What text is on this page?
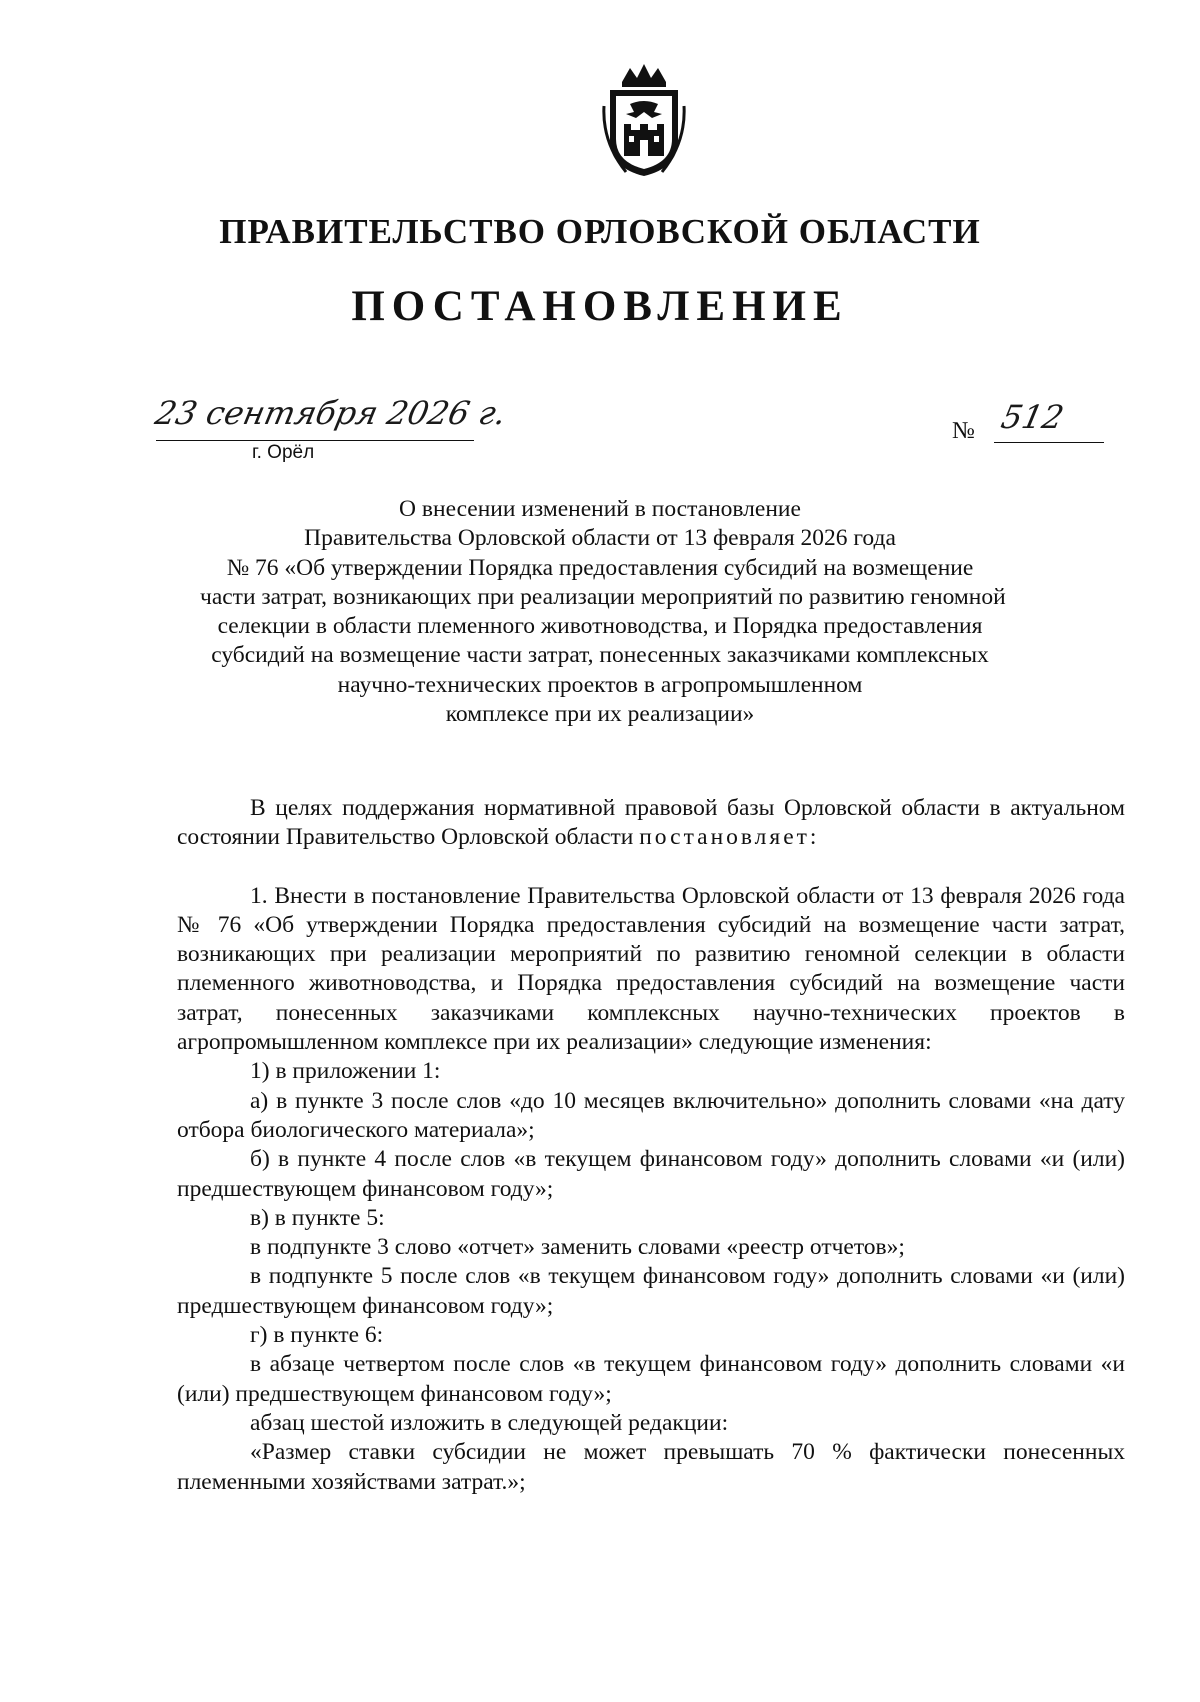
ПРАВИТЕЛЬСТВО ОРЛОВСКОЙ ОБЛАСТИ
ПОСТАНОВЛЕНИЕ
23 сентября 2026 г.
г. Орёл
№ 512
О внесении изменений в постановление
Правительства Орловской области от 13 февраля 2026 года
№ 76 «Об утверждении Порядка предоставления субсидий на возмещение
части затрат, возникающих при реализации мероприятий по развитию геномной
селекции в области племенного животноводства, и Порядка предоставления
субсидий на возмещение части затрат, понесенных заказчиками комплексных
научно-технических проектов в агропромышленном
комплексе при их реализации»

В целях поддержания нормативной правовой базы Орловской области в актуальном состоянии Правительство Орловской области постановляет:

1. Внести в постановление Правительства Орловской области от 13 февраля 2026 года № 76 «Об утверждении Порядка предоставления субсидий на возмещение части затрат, возникающих при реализации мероприятий по развитию геномной селекции в области племенного животноводства, и Порядка предоставления субсидий на возмещение части затрат, понесенных заказчиками комплексных научно-технических проектов в агропромышленном комплексе при их реализации» следующие изменения:

1) в приложении 1:

а) в пункте 3 после слов «до 10 месяцев включительно» дополнить словами «на дату отбора биологического материала»;

б) в пункте 4 после слов «в текущем финансовом году» дополнить словами «и (или) предшествующем финансовом году»;

в) в пункте 5:

в подпункте 3 слово «отчет» заменить словами «реестр отчетов»;

в подпункте 5 после слов «в текущем финансовом году» дополнить словами «и (или) предшествующем финансовом году»;

г) в пункте 6:

в абзаце четвертом после слов «в текущем финансовом году» дополнить словами «и (или) предшествующем финансовом году»;

абзац шестой изложить в следующей редакции:

«Размер ставки субсидии не может превышать 70 % фактически понесенных племенными хозяйствами затрат.»;
